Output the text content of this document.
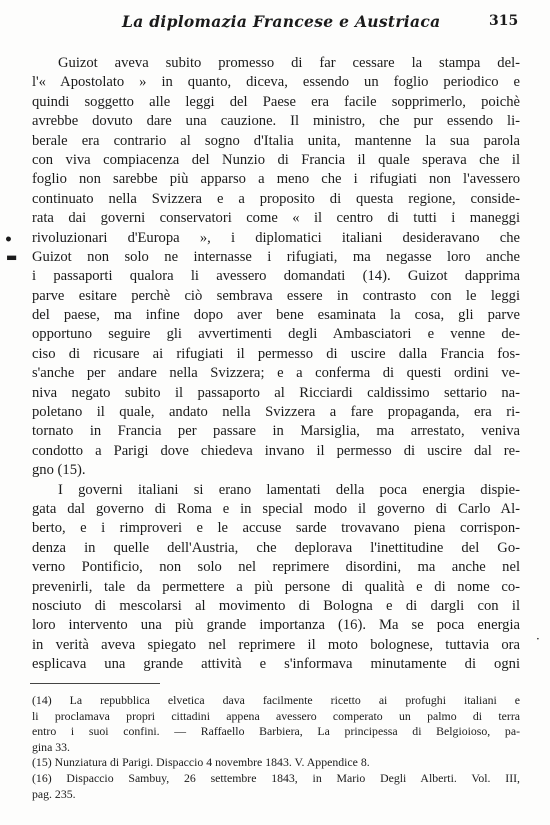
La diplomazia Francese e Austriaca	315
•
▬
·
Guizot aveva subito promesso di far cessare la stampa del-
l'« Apostolato » in quanto, diceva, essendo un foglio periodico e
quindi soggetto alle leggi del Paese era facile sopprimerlo, poichè
avrebbe dovuto dare una cauzione. Il ministro, che pur essendo li-
berale era contrario al sogno d'Italia unita, mantenne la sua parola
con viva compiacenza del Nunzio di Francia il quale sperava che il
foglio non sarebbe più apparso a meno che i rifugiati non l'avessero
continuato nella Svizzera e a proposito di questa regione, conside-
rata dai governi conservatori come « il centro di tutti i maneggi
rivoluzionari d'Europa », i diplomatici italiani desideravano che
Guizot non solo ne internasse i rifugiati, ma negasse loro anche
i passaporti qualora li avessero domandati (14). Guizot dapprima
parve esitare perchè ciò sembrava essere in contrasto con le leggi
del paese, ma infine dopo aver bene esaminata la cosa, gli parve
opportuno seguire gli avvertimenti degli Ambasciatori e venne de-
ciso di ricusare ai rifugiati il permesso di uscire dalla Francia fos-
s'anche per andare nella Svizzera; e a conferma di questi ordini ve-
niva negato subito il passaporto al Ricciardi caldissimo settario na-
poletano il quale, andato nella Svizzera a fare propaganda, era ri-
tornato in Francia per passare in Marsiglia, ma arrestato, veniva
condotto a Parigi dove chiedeva invano il permesso di uscire dal re-
gno (15).
I governi italiani si erano lamentati della poca energia dispie-
gata dal governo di Roma e in special modo il governo di Carlo Al-
berto, e i rimproveri e le accuse sarde trovavano piena corrispon-
denza in quelle dell'Austria, che deplorava l'inettitudine del Go-
verno Pontificio, non solo nel reprimere disordini, ma anche nel
prevenirli, tale da permettere a più persone di qualità e di nome co-
nosciuto di mescolarsi al movimento di Bologna e di dargli con il
loro intervento una più grande importanza (16). Ma se poca energia
in verità aveva spiegato nel reprimere il moto bolognese, tuttavia ora
esplicava una grande attività e s'informava minutamente di ogni
(14) La repubblica elvetica dava facilmente ricetto ai profughi italiani e
li proclamava propri cittadini appena avessero comperato un palmo di terra
entro i suoi confini. — Raffaello Barbiera, La principessa di Belgioioso, pa-
gina 33.
(15) Nunziatura di Parigi. Dispaccio 4 novembre 1843. V. Appendice 8.
(16) Dispaccio Sambuy, 26 settembre 1843, in Mario Degli Alberti. Vol. III,
pag. 235.
